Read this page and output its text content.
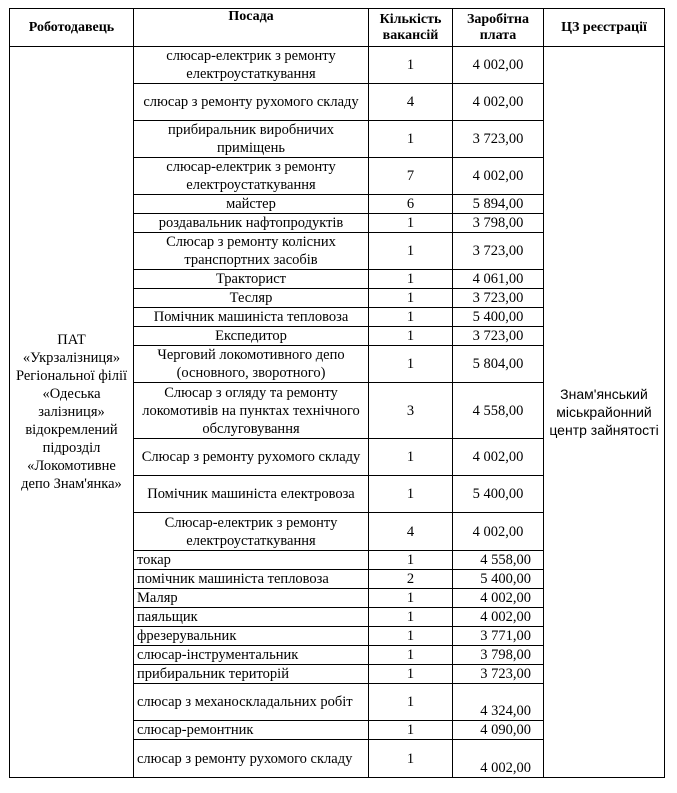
Роботодавець	Посада	Кількість вакансій	Заробітна плата	ЦЗ реєстрації
ПАТ «Укрзалізниця» Регіональної філії «Одеська залізниця» відокремлений підрозділ «Локомотивне депо Знам'янка»	слюсар-електрик з ремонту електроустаткування	1	4 002,00	Знам'янський міськрайонний центр зайнятості
	слюсар з ремонту рухомого складу	4	4 002,00	
	прибиральник виробничих приміщень	1	3 723,00	
	слюсар-електрик з ремонту електроустаткування	7	4 002,00	
	майстер	6	5 894,00	
	роздавальник нафтопродуктів	1	3 798,00	
	Слюсар з ремонту колісних транспортних засобів	1	3 723,00	
	Тракторист	1	4 061,00	
	Тесляр	1	3 723,00	
	Помічник машиніста тепловоза	1	5 400,00	
	Експедитор	1	3 723,00	
	Черговий локомотивного депо (основного, зворотного)	1	5 804,00	
	Слюсар з огляду та ремонту локомотивів на пунктах технічного обслуговування	3	4 558,00	
	Слюсар з ремонту рухомого складу	1	4 002,00	
	Помічник машиніста електровоза	1	5 400,00	
	Слюсар-електрик з ремонту електроустаткування	4	4 002,00	
	токар	1	4 558,00	
	помічник машиніста тепловоза	2	5 400,00	
	Маляр	1	4 002,00	
	паяльщик	1	4 002,00	
	фрезерувальник	1	3 771,00	
	слюсар-інструментальник	1	3 798,00	
	прибиральник територій	1	3 723,00	
	слюсар з механоскладальних робіт	1	4 324,00	
	слюсар-ремонтник	1	4 090,00	
	слюсар з ремонту рухомого складу	1	4 002,00	
